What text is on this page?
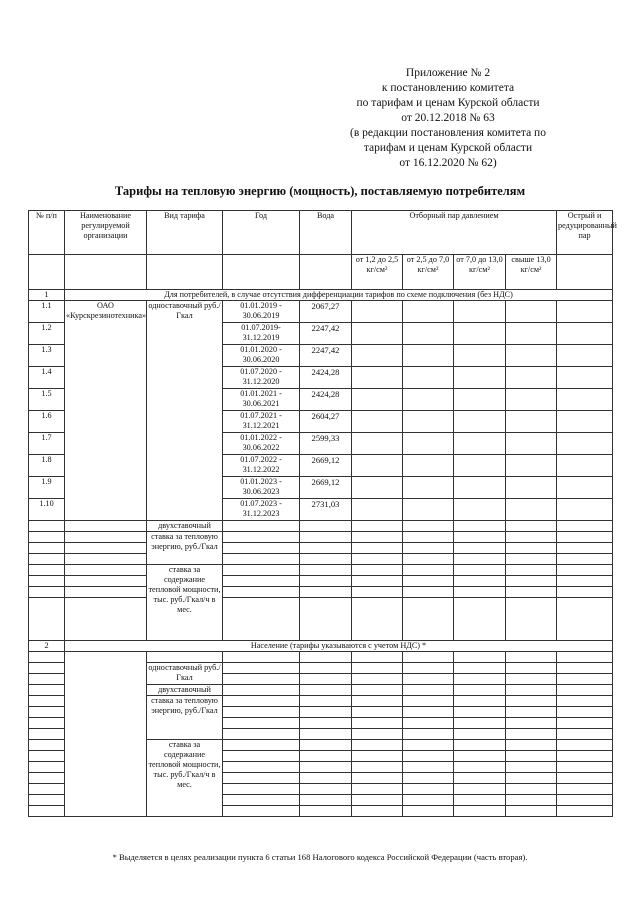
Приложение № 2
к постановлению комитета
по тарифам и ценам Курской области
от 20.12.2018 № 63
(в редакции постановления комитета по
тарифам и ценам Курской области
от 16.12.2020 № 62)
Тарифы на тепловую энергию (мощность), поставляемую потребителям
№ п/п	Наименование регулируемой организации	Вид тарифа	Год	Вода	Отборный пар давлением				Острый и редуцированный пар
					от 1,2 до 2,5 кг/см²	от 2,5 до 7,0 кг/см²	от 7,0 до 13,0 кг/см²	свыше 13,0 кг/см²	
1	Для потребителей, в случае отсутствия дифференциации тарифов по схеме подключения (без НДС)								
1.1	ОАО «Курскрезинотехника»	одноставочный руб./Гкал	01.01.2019 - 30.06.2019	2067,27					
1.2			01.07.2019- 31.12.2019	2247,42					
1.3			01.01.2020 - 30.06.2020	2247,42					
1.4			01.07.2020 - 31.12.2020	2424,28					
1.5			01.01.2021 - 30.06.2021	2424,28					
1.6			01.07.2021 - 31.12.2021	2604,27					
1.7			01.01.2022 - 30.06.2022	2599,33					
1.8			01.07.2022 - 31.12.2022	2669,12					
1.9			01.01.2023 - 30.06.2023	2669,12					
1.10			01.07.2023 - 31.12.2023	2731,03					
		двухставочный							
		ставка за тепловую энергию, руб./Гкал							

		ставка за содержание тепловой мощности, тыс. руб./Гкал/ч в мес.							

2	Население (тарифы указываются с учетом НДС) *								

		одноставочный руб./Гкал							

		двухставочный							
		ставка за тепловую энергию, руб./Гкал							

		ставка за содержание тепловой мощности, тыс. руб./Гкал/ч в мес.							

* Выделяется в целях реализации пункта 6 статьи 168 Налогового кодекса Российской Федерации (часть вторая).
